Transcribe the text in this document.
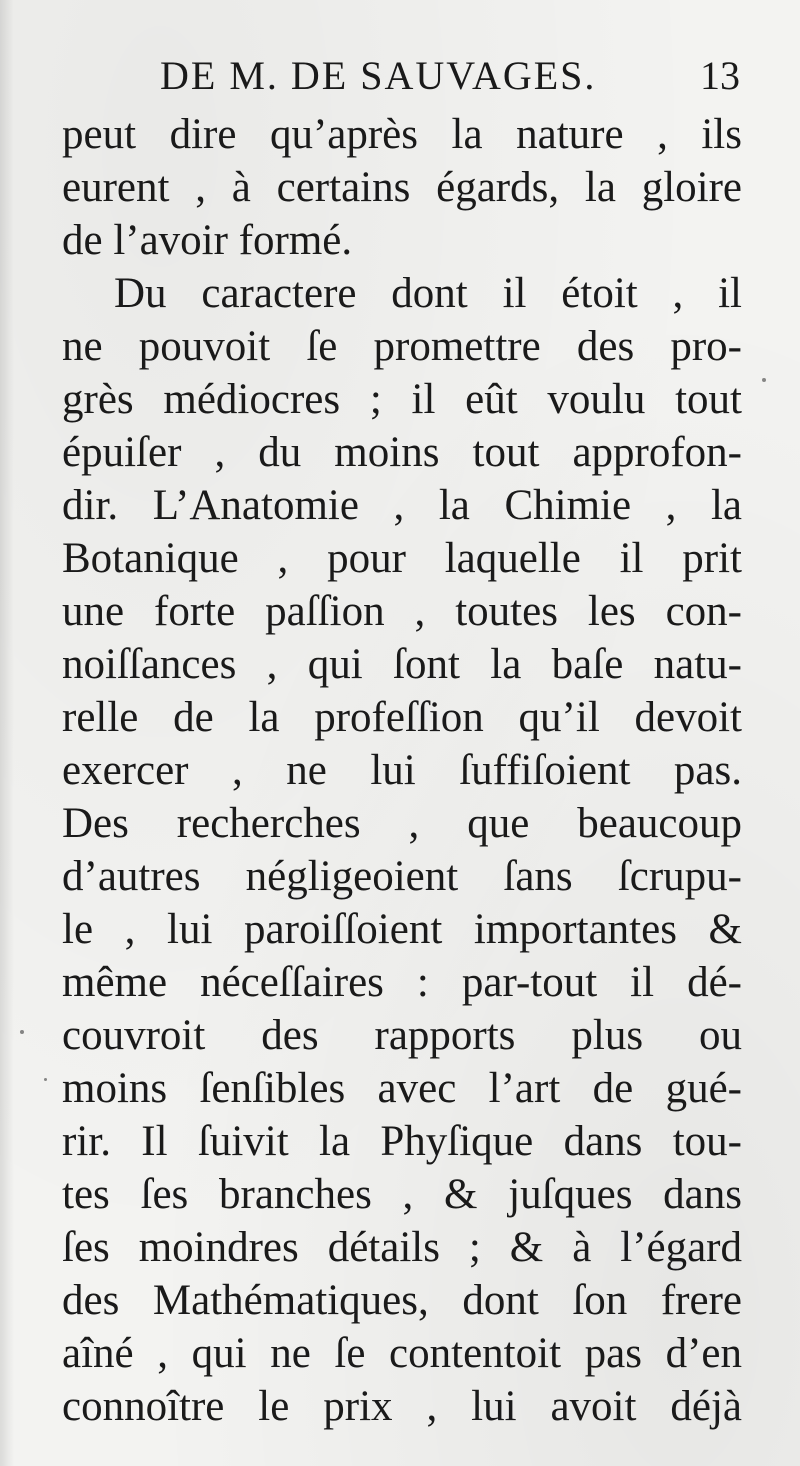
DE M. DE SAUVAGES.	13
peut dire qu’après la nature , ils
eurent , à certains égards, la gloire
de l’avoir formé.
Du caractere dont il étoit , il
ne pouvoit ſe promettre des pro-
grès médiocres ; il eût voulu tout
épuiſer , du moins tout approfon-
dir. L’Anatomie , la Chimie , la
Botanique , pour laquelle il prit
une forte paſſion , toutes les con-
noiſſances , qui ſont la baſe natu-
relle de la profeſſion qu’il devoit
exercer , ne lui ſuffiſoient pas.
Des recherches , que beaucoup
d’autres négligeoient ſans ſcrupu-
le , lui paroiſſoient importantes &
même néceſſaires : par-tout il dé-
couvroit des rapports plus ou
moins ſenſibles avec l’art de gué-
rir. Il ſuivit la Phyſique dans tou-
tes ſes branches , & juſques dans
ſes moindres détails ; & à l’égard
des Mathématiques, dont ſon frere
aîné , qui ne ſe contentoit pas d’en
connoître le prix , lui avoit déjà
